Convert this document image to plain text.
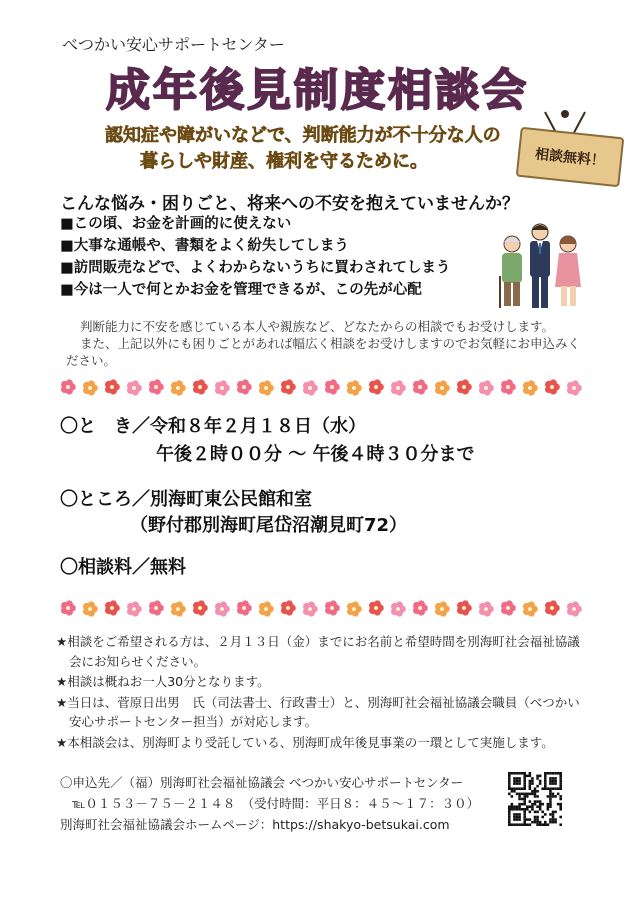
べつかい安心サポートセンター
成年後見制度相談会
認知症や障がいなどで、判断能力が不十分な人の
暮らしや財産、権利を守るために。	相談無料！
こんな悩み・困りごと、将来への不安を抱えていませんか？
■この頃、お金を計画的に使えない
■大事な通帳や、書類をよく紛失してしまう
■訪問販売などで、よくわからないうちに買わされてしまう
■今は一人で何とかお金を管理できるが、この先が心配
判断能力に不安を感じている本人や親族など、どなたからの相談でもお受けします。
また、上記以外にも困りごとがあれば幅広く相談をお受けしますのでお気軽にお申込みください。
〇と　き／令和８年２月１８日（水）
午後２時００分 ～ 午後４時３０分まで
〇ところ／別海町東公民館和室
（野付郡別海町尾岱沼潮見町72）
〇相談料／無料
★相談をご希望される方は、２月１３日（金）までにお名前と希望時間を別海町社会福祉協議会にお知らせください。
★相談は概ねお一人30分となります。
★当日は、菅原日出男　氏（司法書士、行政書士）と、別海町社会福祉協議会職員（べつかい安心サポートセンター担当）が対応します。
★本相談会は、別海町より受託している、別海町成年後見事業の一環として実施します。
〇申込先／（福）別海町社会福祉協議会 べつかい安心サポートセンター
℡０１５３－７５－２１４８　（受付時間：平日８：４５～１７：３０）
別海町社会福祉協議会ホームページ：https://shakyo-betsukai.com
